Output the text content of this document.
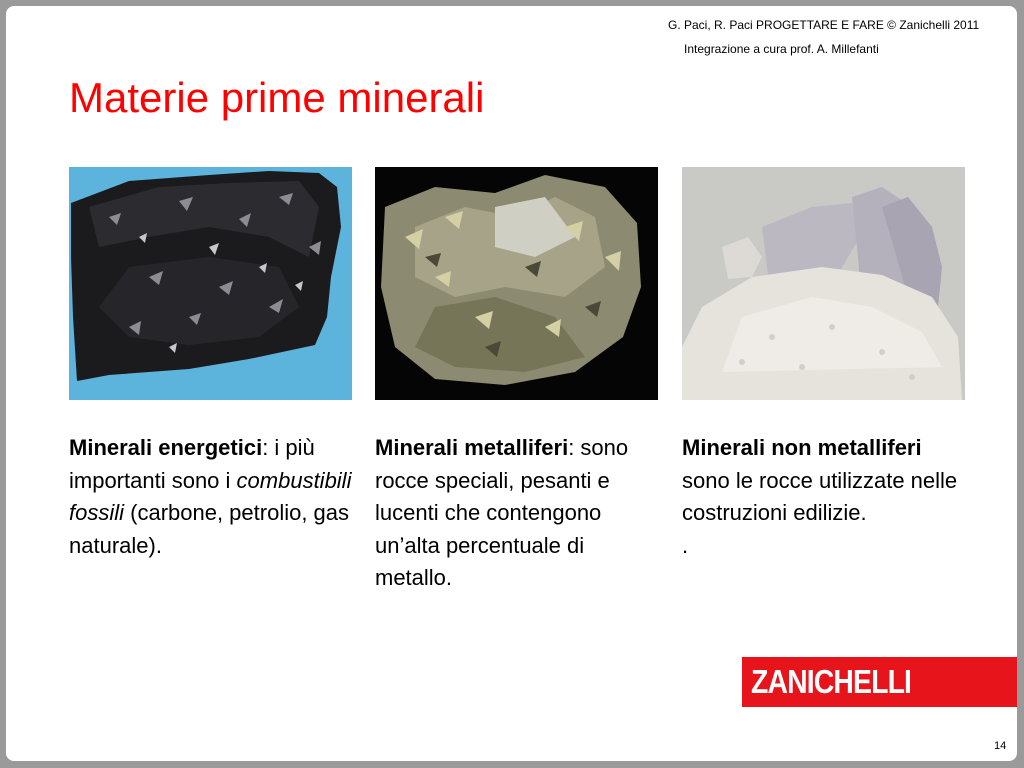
G. Paci, R. Paci PROGETTARE E FARE © Zanichelli 2011
Integrazione a cura prof. A. Millefanti
Materie prime minerali
Minerali energetici: i più importanti sono i combustibili fossili (carbone, petrolio, gas naturale).
Minerali metalliferi: sono rocce speciali, pesanti e lucenti che contengono un’alta percentuale di metallo.
Minerali non metalliferi sono le rocce utilizzate nelle costruzioni edilizie.
.
ZANICHELLI
14
